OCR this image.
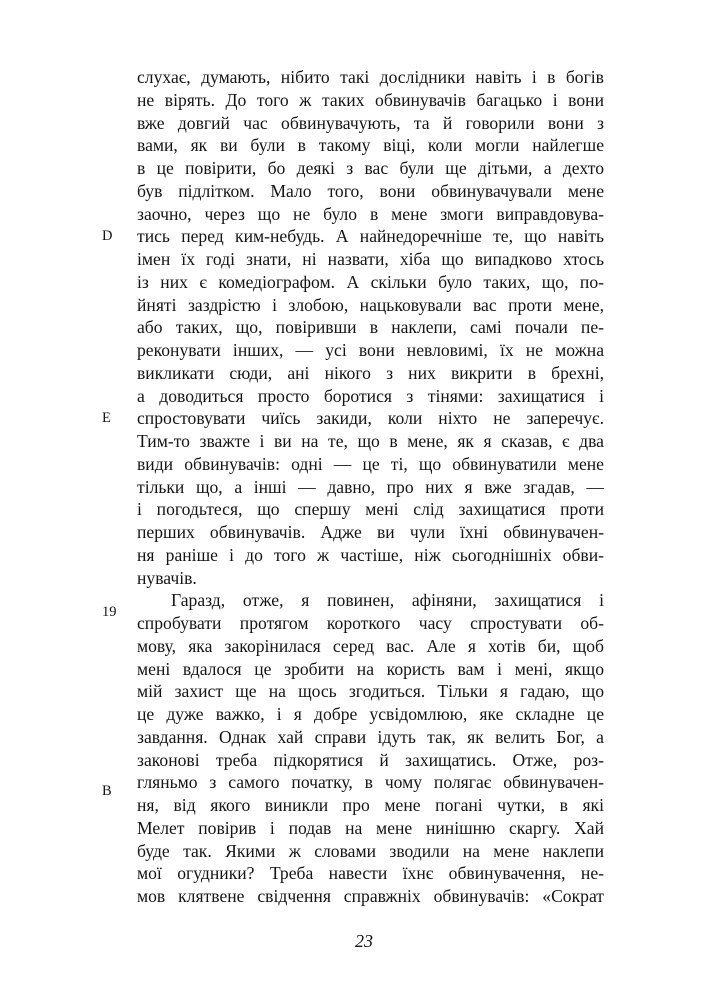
слухає, думають, нібито такі дослідники навіть і в богів
не вірять. До того ж таких обвинувачів багацько і вони
вже довгий час обвинувачують, та й говорили вони з
вами, як ви були в такому віці, коли могли найлегше
в це повірити, бо деякі з вас були ще дітьми, а дехто
був підлітком. Мало того, вони обвинувачували мене
заочно, через що не було в мене змоги виправдовува-
тись перед ким-небудь. А найнедоречніше те, що навіть
імен їх годі знати, ні назвати, хіба що випадково хтось
із них є комедіографом. А скільки було таких, що, по-
йняті заздрістю і злобою, нацьковували вас проти мене,
або таких, що, повіривши в наклепи, самі почали пе-
реконувати інших, — усі вони невловимі, їх не можна
викликати сюди, ані нікого з них викрити в брехні,
а доводиться просто боротися з тінями: захищатися і
спростовувати чиїсь закиди, коли ніхто не заперечує.
Тим-то зважте і ви на те, що в мене, як я сказав, є два
види обвинувачів: одні — це ті, що обвинуватили мене
тільки що, а інші — давно, про них я вже згадав, —
і погодьтеся, що спершу мені слід захищатися проти
перших обвинувачів. Адже ви чули їхні обвинувачен-
ня раніше і до того ж частіше, ніж сьогоднішніх обви-
нувачів.
Гаразд, отже, я повинен, афіняни, захищатися і
спробувати протягом короткого часу спростувати об-
мову, яка закорінилася серед вас. Але я хотів би, щоб
мені вдалося це зробити на користь вам і мені, якщо
мій захист ще на щось згодиться. Тільки я гадаю, що
це дуже важко, і я добре усвідомлюю, яке складне це
завдання. Однак хай справи ідуть так, як велить Бог, а
законові треба підкорятися й захищатись. Отже, роз-
гляньмо з самого початку, в чому полягає обвинувачен-
ня, від якого виникли про мене погані чутки, в які
Мелет повірив і подав на мене нинішню скаргу. Хай
буде так. Якими ж словами зводили на мене наклепи
мої огудники? Треба навести їхнє обвинувачення, не-
мов клятвене свідчення справжніх обвинувачів: «Сократ
D
E
19
B
23
